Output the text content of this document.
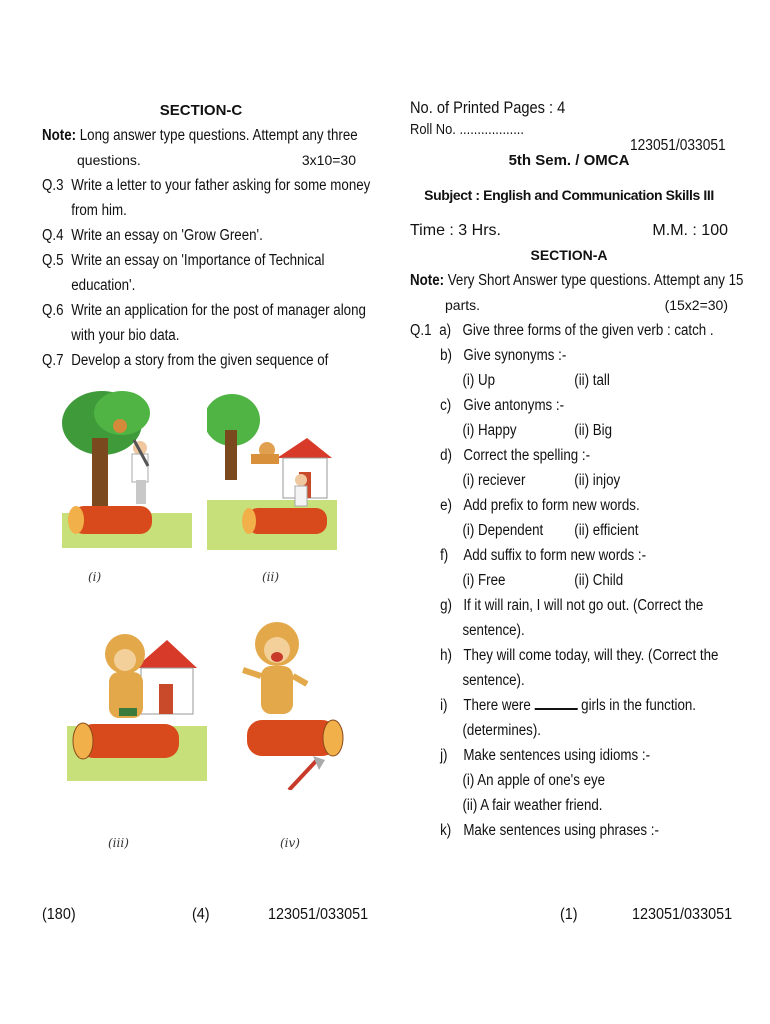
SECTION-C
Note: Long answer type questions. Attempt any three
questions.	3x10=30
Q.3 Write a letter to your father asking for some money
from him.
Q.4 Write an essay on 'Grow Green'.
Q.5 Write an essay on 'Importance of Technical
education'.
Q.6 Write an application for the post of manager along
with your bio data.
Q.7 Develop a story from the given sequence of
(i)	(ii)
(iii)	(iv)
No. of Printed Pages : 4
Roll No. ..................
123051/033051
5th Sem. / OMCA
Subject : English and Communication Skills III
Time : 3 Hrs.	M.M. : 100
SECTION-A
Note: Very Short Answer type questions. Attempt any 15
parts.	(15x2=30)
Q.1 a) Give three forms of the given verb : catch .
b) Give synonyms :-
(i) Up	(ii) tall
c) Give antonyms :-
(i) Happy	(ii) Big
d) Correct the spelling :-
(i) reciever	(ii) injoy
e) Add prefix to form new words.
(i) Dependent (ii) efficient
f) Add suffix to form new words :-
(i) Free	(ii) Child
g) If it will rain, I will not go out. (Correct the
sentence).
h) They will come today, will they. (Correct the
sentence).
i) There were	girls in the function.
(determines).
j) Make sentences using idioms :-
(i) An apple of one's eye
(ii) A fair weather friend.
k) Make sentences using phrases :-
(180)	(4)	123051/033051	(1)	123051/033051
